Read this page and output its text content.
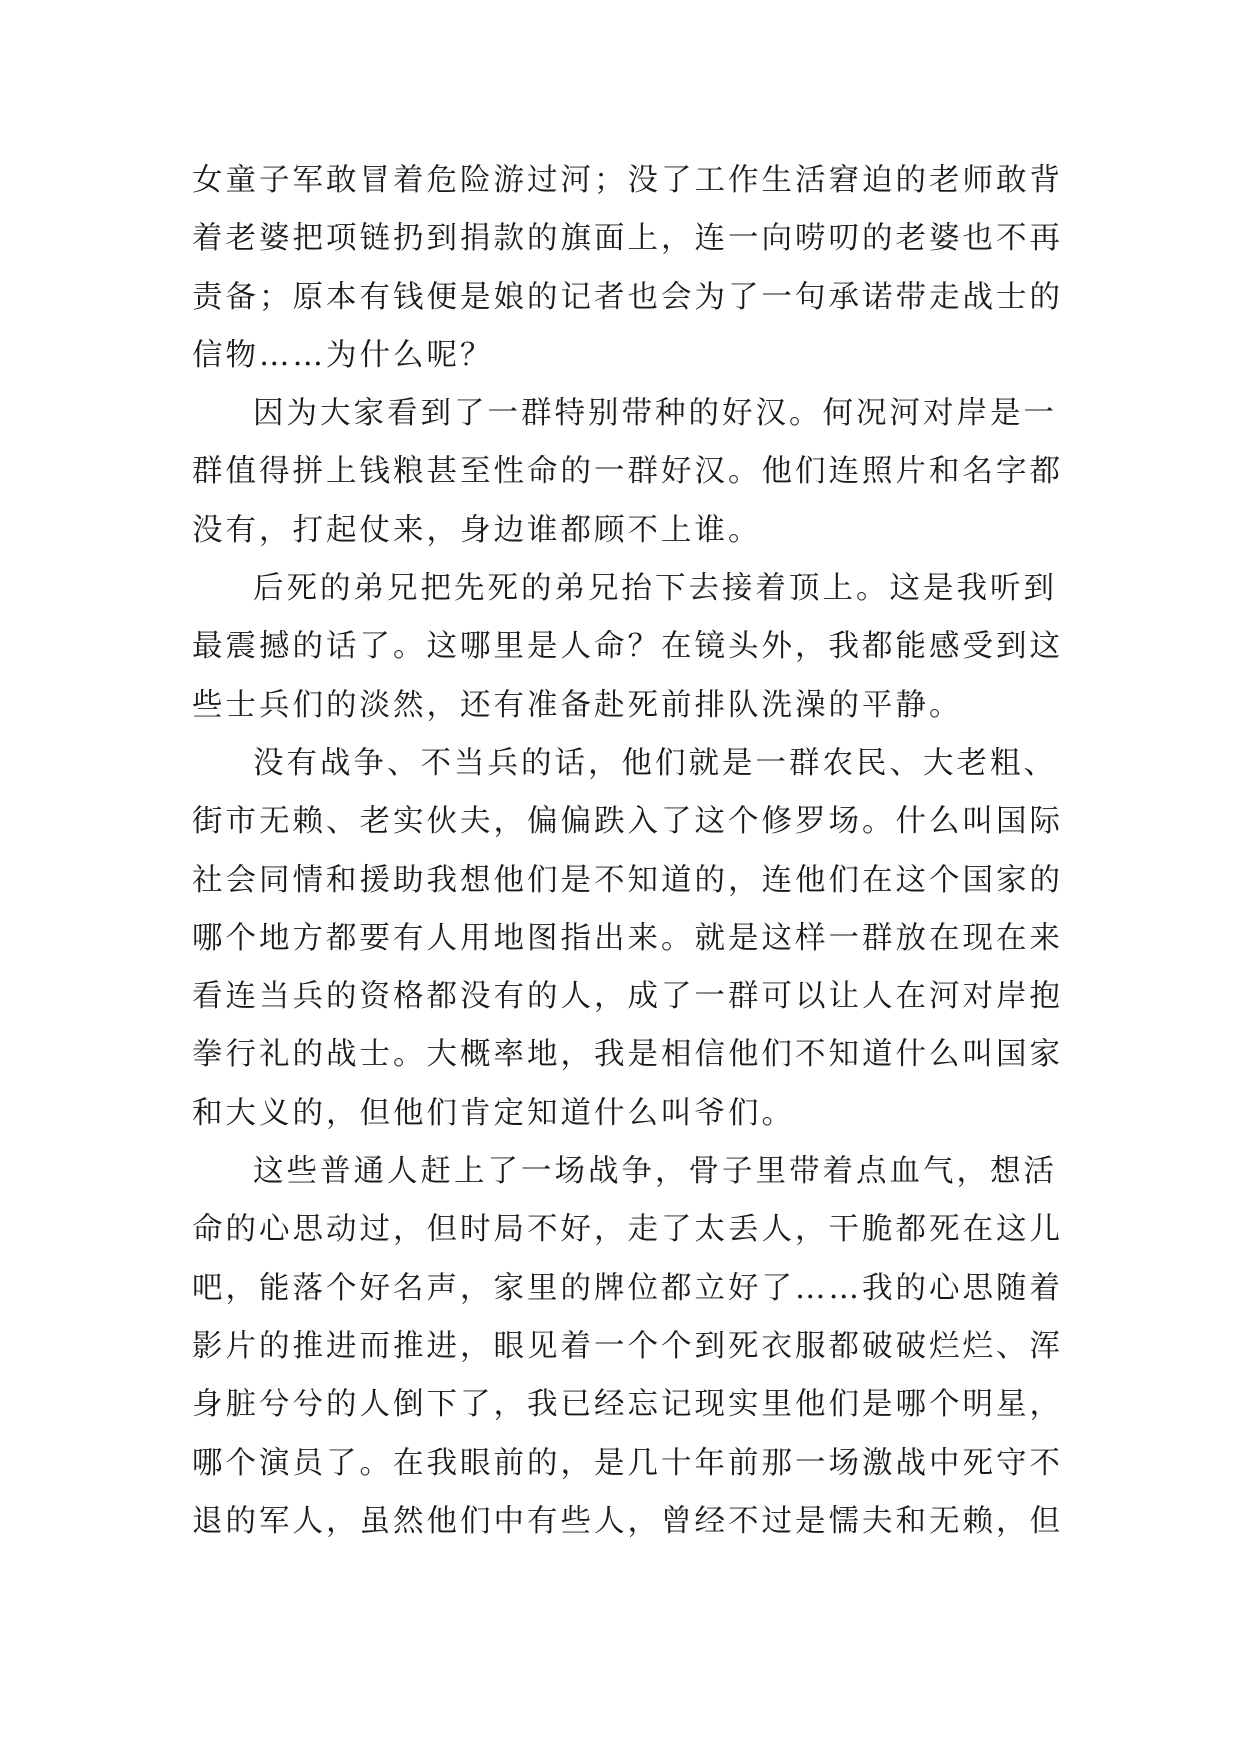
女童子军敢冒着危险游过河；没了工作生活窘迫的老师敢背
着老婆把项链扔到捐款的旗面上，连一向唠叨的老婆也不再
责备；原本有钱便是娘的记者也会为了一句承诺带走战士的
信物……为什么呢？

因为大家看到了一群特别带种的好汉。何况河对岸是一
群值得拼上钱粮甚至性命的一群好汉。他们连照片和名字都
没有，打起仗来，身边谁都顾不上谁。

后死的弟兄把先死的弟兄抬下去接着顶上。这是我听到
最震撼的话了。这哪里是人命？在镜头外，我都能感受到这
些士兵们的淡然，还有准备赴死前排队洗澡的平静。

没有战争、不当兵的话，他们就是一群农民、大老粗、
街市无赖、老实伙夫，偏偏跌入了这个修罗场。什么叫国际
社会同情和援助我想他们是不知道的，连他们在这个国家的
哪个地方都要有人用地图指出来。就是这样一群放在现在来
看连当兵的资格都没有的人，成了一群可以让人在河对岸抱
拳行礼的战士。大概率地，我是相信他们不知道什么叫国家
和大义的，但他们肯定知道什么叫爷们。

这些普通人赶上了一场战争，骨子里带着点血气，想活
命的心思动过，但时局不好，走了太丢人，干脆都死在这儿
吧，能落个好名声，家里的牌位都立好了……我的心思随着
影片的推进而推进，眼见着一个个到死衣服都破破烂烂、浑
身脏兮兮的人倒下了，我已经忘记现实里他们是哪个明星，
哪个演员了。在我眼前的，是几十年前那一场激战中死守不
退的军人，虽然他们中有些人，曾经不过是懦夫和无赖，但
